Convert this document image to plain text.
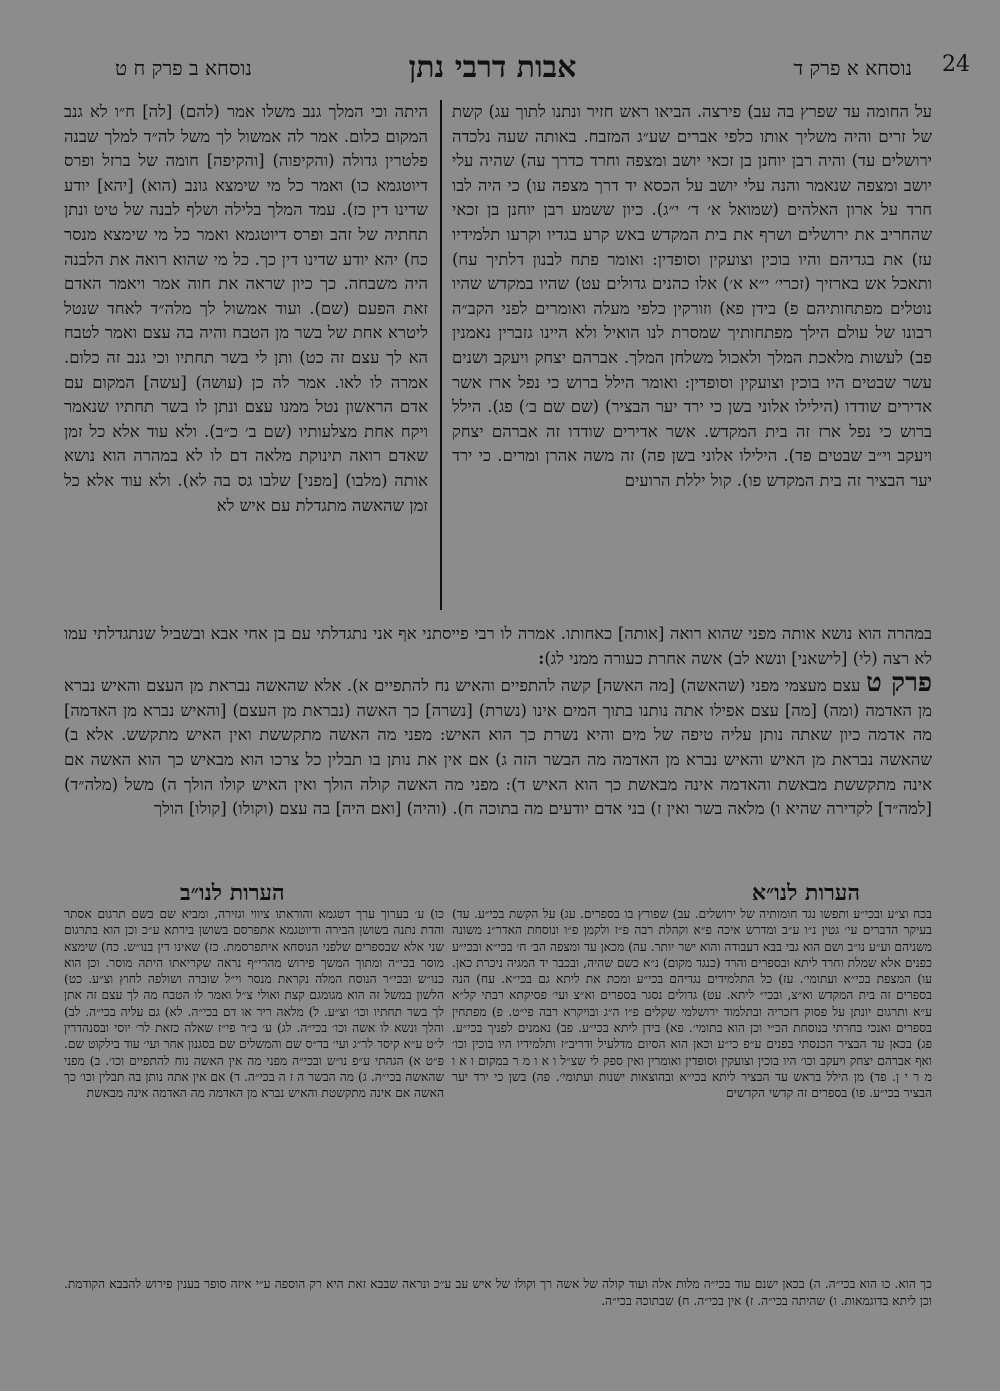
24
נוסחא א פרק ד
אבות דרבי נתן
נוסחא ב פרק ח ט
על החומה עד שפרץ בה עב) פירצה. הביאו ראש חזיר ונתנו לתוך עג) קשת של זרים והיה משליך אותו כלפי אברים שע״ג המזבח. באותה שעה נלכדה ירושלים עד) והיה רבן יוחנן בן זכאי יושב ומצפה וחרד כדרך עה) שהיה עלי יושב ומצפה שנאמר והנה עלי יושב על הכסא יד דרך מצפה עו) כי היה לבו חרד על ארון האלהים (שמואל א׳ ד׳ י״ג). כיון ששמע רבן יוחנן בן זכאי שהחריב את ירושלים ושרף את בית המקדש באש קרע בגדיו וקרעו תלמידיו עז) את בגדיהם והיו בוכין וצועקין וסופדין: ואומר פתח לבנון דלתיך עח) ותאכל אש בארזיך (זכרי׳ י״א א׳) אלו כהנים גדולים עט) שהיו במקדש שהיו נוטלים מפתחותיהם פ) בידן פא) וזורקין כלפי מעלה ואומרים לפני הקב״ה רבונו של עולם הילך מפתחותיך שמסרת לנו הואיל ולא היינו גזברין נאמנין פב) לעשות מלאכת המלך ולאכול משלחן המלך. אברהם יצחק ויעקב ושנים עשר שבטים היו בוכין וצועקין וסופדין: ואומר הילל ברוש כי נפל ארז אשר אדירים שודדו (הילילו אלוני בשן כי ירד יער הבציר) (שם שם ב׳) פג). הילל ברוש כי נפל ארז זה בית המקדש. אשר אדירים שודדו זה אברהם יצחק ויעקב וי״ב שבטים פד). הילילו אלוני בשן פה) זה משה אהרן ומרים. כי ירד יער הבציר זה בית המקדש פו). קול יללת הרועים
היתה וכי המלך גנב משלו אמר (להם) [לה] ח״ו לא גנב המקום כלום. אמר לה אמשול לך משל לה״ד למלך שבנה פלטרין גדולה (והקיפוה) [והקיפה] חומה של ברזל ופרס דיוטגמא כו) ואמר כל מי שימצא גונב (הוא) [יהא] יודע שדינו דין כז). עמד המלך בלילה ושלף לבנה של טיט ונתן תחתיה של זהב ופרס דיוטגמא ואמר כל מי שימצא מנסר כח) יהא יודע שדינו דין כך. כל מי שהוא רואה את הלבנה היה משבחה. כך כיון שראה את חוה אמר ויאמר האדם זאת הפעם (שם). ועוד אמשול לך מלה״ד לאחד שנטל ליטרא אחת של בשר מן הטבח והיה בה עצם ואמר לטבח הא לך עצם זה כט) ותן לי בשר תחתיו וכי גנב זה כלום. אמרה לו לאו. אמר לה כן (עושה) [עשה] המקום עם אדם הראשון נטל ממנו עצם ונתן לו בשר תחתיו שנאמר ויקח אחת מצלעותיו (שם ב׳ כ״ב). ולא עוד אלא כל זמן שאדם רואה תינוקת מלאה דם לו לא במהרה הוא נושא אותה (מלבו) [מפני] שלבו גס בה לא). ולא עוד אלא כל זמן שהאשה מתגדלת עם איש לא
במהרה הוא נושא אותה מפני שהוא רואה [אותה] כאחותו. אמרה לו רבי פייסתני אף אני נתגדלתי עם בן אחי אבא ובשביל שנתגדלתי עמו לא רצה (לי) [לישאני] ונשא לב) אשה אחרת כעורה ממני לג):
פרק ט עצם מעצמי מפני (שהאשה) [מה האשה] קשה להתפיים והאיש נח להתפיים א). אלא שהאשה נבראת מן העצם והאיש נברא מן האדמה (ומה) [מה] עצם אפילו אתה נותנו בתוך המים אינו (נשרת) [נשרה] כך האשה (נבראת מן העצם) [והאיש נברא מן האדמה] מה אדמה כיון שאתה נותן עליה טיפה של מים והיא נשרת כך הוא האיש: מפני מה האשה מתקששת ואין האיש מתקשש. אלא ב) שהאשה נבראת מן האיש והאיש נברא מן האדמה מה הבשר הזה ג) אם אין את נותן בו תבלין כל צרכו הוא מבאיש כך הוא האשה אם אינה מתקששת מבאשת והאדמה אינה מבאשת כך הוא האיש ד): מפני מה האשה קולה הולך ואין האיש קולו הולך ה) משל (מלה״ד) [למה״ד] לקדירה שהיא ו) מלאה בשר ואין ז) בני אדם יודעים מה בתוכה ח). (והיה) [ואם היה] בה עצם (וקולו) [קולו] הולך
הערות לנו״א
הערות לנו״ב
בכח וצ״ע ובכי״ע ותפשו נגד חומותיה של ירושלים. עב) שפורץ בו בספרים. עג) על הקשת בכי״ע. עד) בעיקר הדברים עי׳ גטין נ״ו ע״ב ומדרש איכה פ״א וקהלת רבה פ״ז ולקמן פ״ו ונוסחת האדר״נ משונה משניהם וע״ע נו״ב ושם הוא גבי בבא דעבודה והוא ישר יותר. עה) מכאן עד ומצפה הב׳ ח׳ בכי״א ובכי״ע כפנים אלא שמלת וחרד ליתא ובספרים והרד (כנגד מקום) נ״א כשם שהיה, ובכבר יד המגיה ניכרת כאן. עו) המצפת בכי״א ועתומי׳. עז) כל התלמידים נגדיהם בכי״ע ומכת את ליתא גם בכי״א. עח) הנה בספרים זה בית המקדש וא״צ, ובכי״ ליתא. עט) גדולים נסגר בספרים וא״צ ועי׳ פסיקתא רבתי קל״א ע״א ותרגום יונתן על פסוק דזכריה ובתלמוד ירושלמי שקלים פ״ו ה״ג ובויקרא רבה פי״ט. פ) מפתחין בספרים ואנכי בחרתי בנוסחת הכ״י וכן הוא בתומי׳. פא) בידן ליתא בכי״ע. פב) נאמנים לפניך בכי״ע. פג) בכאן עד הבציר הכנסתי בפנים ע״פ כי״ע וכאן הוא הסיום מדלעיל ודריב״ז ותלמידיו היו בוכין וכו׳ ואף אברהם יצחק ויעקב וכו׳ היו בוכין וצועקין וסופדין ואומרין ואין ספק לי שצ״ל ו א ו מ ר במקום ו א ו מ ר י ן. פד) מן הילל בראש עד הבציר ליתא בכי״א ובהוצאות ישנות ועתומי׳. פה) בשן כי ירד יער הבציר בכי״ע. פו) בספרים זה קדשי הקדשים
כו) ע׳ בערוך ערך דטגמא והוראתו ציווי וגזירה, ומביא שם בשם תרגום אסתר והדת נתנה בשושן הבירה ודיוטגמא אתפרסם בשושן בירתא ע״כ וכן הוא בתרגום שני אלא שבספרים שלפני הנוסחא איתפרסמת. כז) שאינו דין בנו״ש. כח) שימצא מוסר בכי״ה ומתוך המשך פירוש מהרי״ף נראה שקריאתו היתה מוסר. וכן הוא כנו״ש ובכי״ר הנוסח המלה נקראת מנסר וי״ל שוברה ושולפה לחוץ וצ״ע. כט) הלשון במשל זה הוא מגומגם קצת ואולי צ״ל ואמר לו הטבח מה לך עצם זה אתן לך בשר תחתיו וכו׳ וצ״ע. ל) מלאה ריר או דם בכי״ה. לא) גם עליה בכי״ה. לב) והלך ונשא לו אשה וכו׳ בכי״ה. לג) ע׳ ב״ר פי״ז שאלה כזאת לר׳ יוסי ובסנהדרין ל״ט ע״א קיסר לר״ג ועי׳ בד״ס שם והמשלים שם בסגנון אחר ועי׳ עוד בילקוט שם. פ״ט א) הגהתי ע״פ נו״ש ובכי״ה מפני מה אין האשה נוח להתפיים וכו׳. ב) מפני שהאשה בכי״ה. ג) מה הבשר ה ז ה בכי״ה. ד) אם אין אתה נותן בה תבלין וכו׳ כך האשה אם אינה מתקשטת והאיש נברא מן האדמה מה האדמה אינה מבאשת
כך הוא. כו הוא בכי״ה. ה) בכאן ישנם עוד בכי״ה מלות אלה ועוד קולה של אשה רך וקולו של איש עב ע״כ ונראה שבבא זאת היא רק הוספה ע״י איזה סופר בענין פירוש להבבא הקודמת. וכן ליתא בדוגמאות. ו) שהיתה בכי״ה. ז) אין בכי״ה. ח) שבתוכה בכי״ה.
